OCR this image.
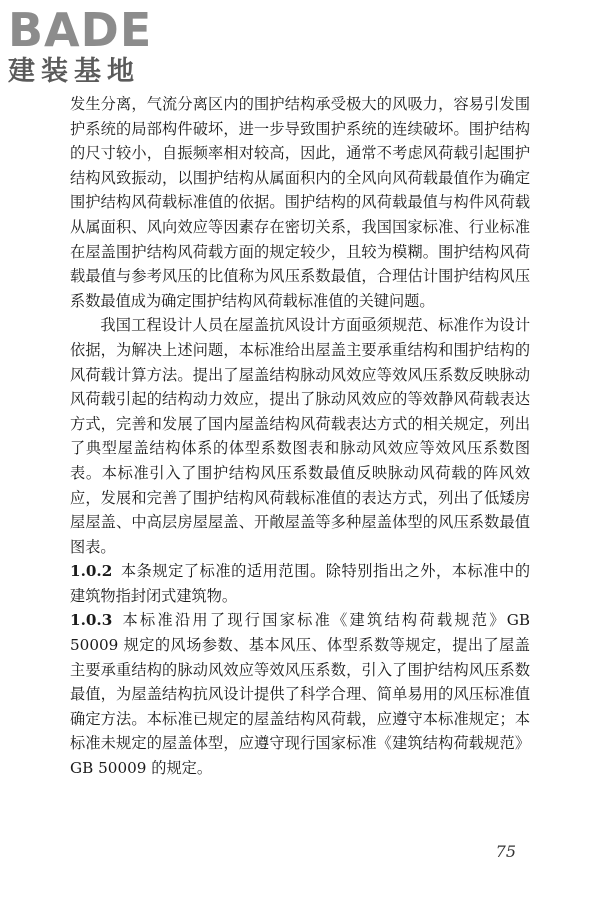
BADE
建装基地

发生分离，气流分离区内的围护结构承受极大的风吸力，容易引发围护系统的局部构件破坏，进一步导致围护系统的连续破坏。围护结构的尺寸较小，自振频率相对较高，因此，通常不考虑风荷载引起围护结构风致振动，以围护结构从属面积内的全风向风荷载最值作为确定围护结构风荷载标准值的依据。围护结构的风荷载最值与构件风荷载从属面积、风向效应等因素存在密切关系，我国国家标准、行业标准在屋盖围护结构风荷载方面的规定较少，且较为模糊。围护结构风荷载最值与参考风压的比值称为风压系数最值，合理估计围护结构风压系数最值成为确定围护结构风荷载标准值的关键问题。

我国工程设计人员在屋盖抗风设计方面亟须规范、标准作为设计依据，为解决上述问题，本标准给出屋盖主要承重结构和围护结构的风荷载计算方法。提出了屋盖结构脉动风效应等效风压系数反映脉动风荷载引起的结构动力效应，提出了脉动风效应的等效静风荷载表达方式，完善和发展了国内屋盖结构风荷载表达方式的相关规定，列出了典型屋盖结构体系的体型系数图表和脉动风效应等效风压系数图表。本标准引入了围护结构风压系数最值反映脉动风荷载的阵风效应，发展和完善了围护结构风荷载标准值的表达方式，列出了低矮房屋屋盖、中高层房屋屋盖、开敞屋盖等多种屋盖体型的风压系数最值图表。

1.0.2 本条规定了标准的适用范围。除特别指出之外，本标准中的建筑物指封闭式建筑物。

1.0.3 本标准沿用了现行国家标准《建筑结构荷载规范》GB 50009 规定的风场参数、基本风压、体型系数等规定，提出了屋盖主要承重结构的脉动风效应等效风压系数，引入了围护结构风压系数最值，为屋盖结构抗风设计提供了科学合理、简单易用的风压标准值确定方法。本标准已规定的屋盖结构风荷载，应遵守本标准规定；本标准未规定的屋盖体型，应遵守现行国家标准《建筑结构荷载规范》GB 50009 的规定。

75
